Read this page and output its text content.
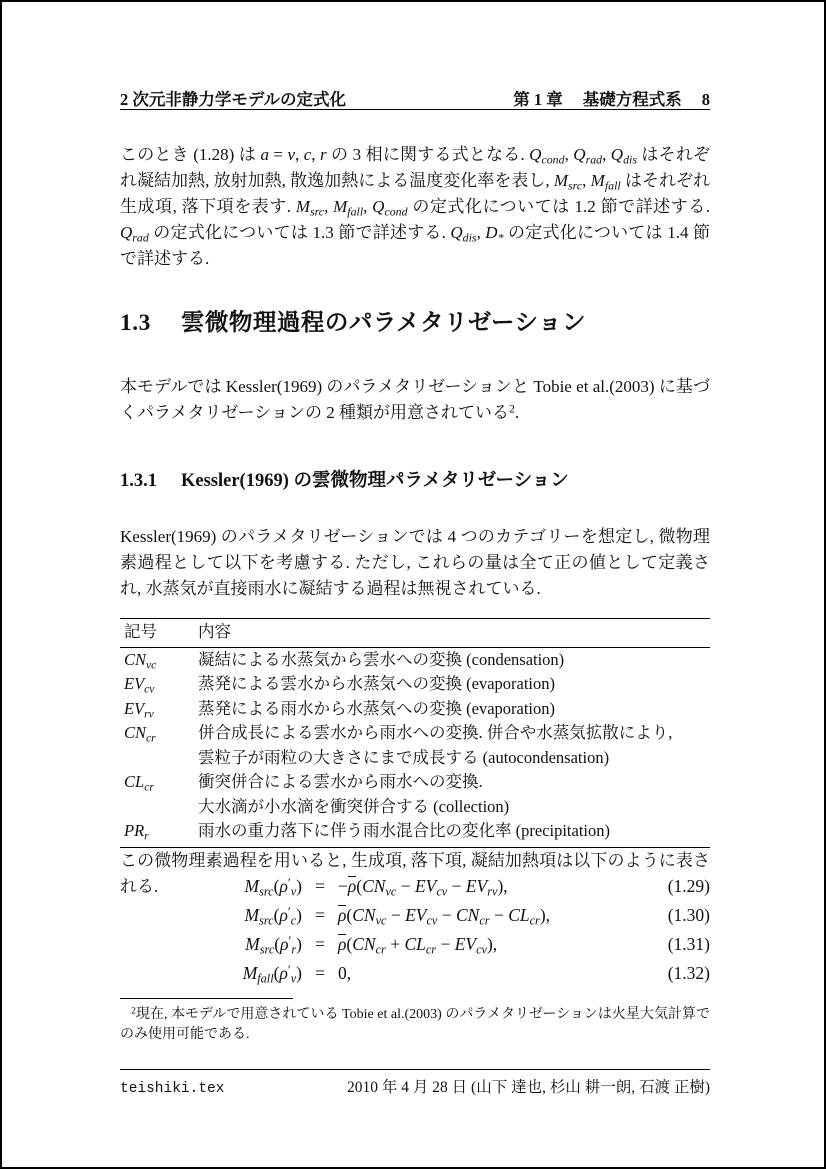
2 次元非静力学モデルの定式化	第 1 章 基礎方程式系 8
このとき (1.28) は a = v, c, r の 3 相に関する式となる. $Q_{cond}$, $Q_{rad}$, $Q_{dis}$ はそれぞれ凝結加熱, 放射加熱, 散逸加熱による温度変化率を表し, $M_{src}$, $M_{fall}$ はそれぞれ生成項, 落下項を表す. $M_{src}$, $M_{fall}$, $Q_{cond}$ の定式化については 1.2 節で詳述する. $Q_{rad}$ の定式化については 1.3 節で詳述する. $Q_{dis}$, $D_*$ の定式化については 1.4 節で詳述する.
1.3 雲微物理過程のパラメタリゼーション
本モデルでは Kessler(1969) のパラメタリゼーションと Tobie et al.(2003) に基づくパラメタリゼーションの 2 種類が用意されている$^2$.
1.3.1 Kessler(1969) の雲微物理パラメタリゼーション
Kessler(1969) のパラメタリゼーションでは 4 つのカテゴリーを想定し, 微物理素過程として以下を考慮する. ただし, これらの量は全て正の値として定義され, 水蒸気が直接雨水に凝結する過程は無視されている.
記号	内容
$CN_{vc}$	凝結による水蒸気から雲水への変換 (condensation)
$EV_{cv}$	蒸発による雲水から水蒸気への変換 (evaporation)
$EV_{rv}$	蒸発による雨水から水蒸気への変換 (evaporation)
$CN_{cr}$	併合成長による雲水から雨水への変換. 併合や水蒸気拡散により,
雲粒子が雨粒の大きさにまで成長する (autocondensation)
$CL_{cr}$	衝突併合による雲水から雨水への変換.
大水滴が小水滴を衝突併合する (collection)
$PR_r$	雨水の重力落下に伴う雨水混合比の変化率 (precipitation)
この微物理素過程を用いると, 生成項, 落下項, 凝結加熱項は以下のように表される.	$M_{src}(\rho'_v) = -\rho(CN_{vc} - EV_{cv} - EV_{rv})$,	(1.29)
$M_{src}(\rho'_c) = \rho(CN_{vc} - EV_{cv} - CN_{cr} - CL_{cr})$,	(1.30)
$M_{src}(\rho'_r) = \rho(CN_{cr} + CL_{cr} - EV_{cv})$,	(1.31)
$M_{fall}(\rho'_v) = 0$,	(1.32)
$^2$現在, 本モデルで用意されている Tobie et al.(2003) のパラメタリゼーションは火星大気計算でのみ使用可能である.
teishiki.tex	2010 年 4 月 28 日 (山下 達也, 杉山 耕一朗, 石渡 正樹)
